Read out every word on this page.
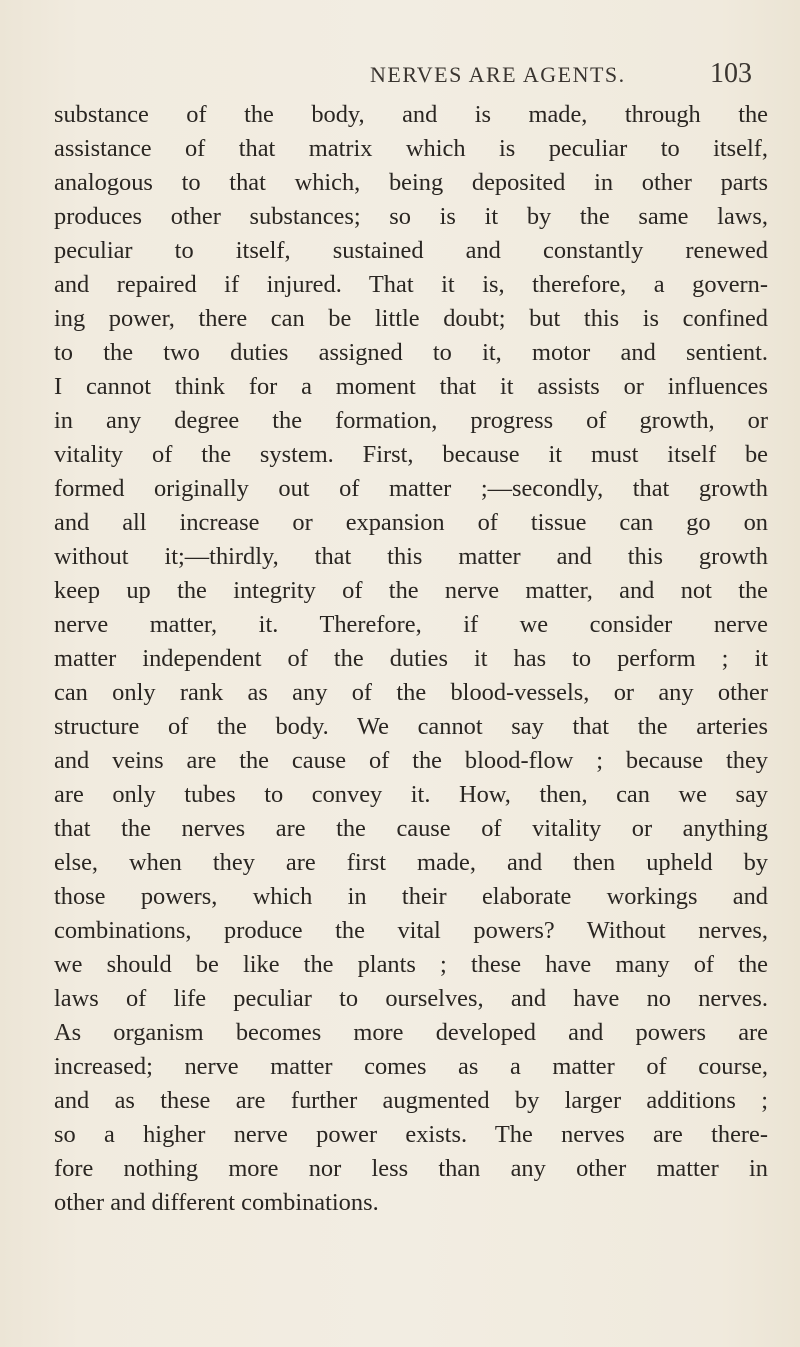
NERVES ARE AGENTS.	103
substance of the body, and is made, through the
assistance of that matrix which is peculiar to itself,
analogous to that which, being deposited in other parts
produces other substances; so is it by the same laws,
peculiar to itself, sustained and constantly renewed
and repaired if injured. That it is, therefore, a govern-
ing power, there can be little doubt; but this is confined
to the two duties assigned to it, motor and sentient.
I cannot think for a moment that it assists or influences
in any degree the formation, progress of growth, or
vitality of the system. First, because it must itself be
formed originally out of matter ;—secondly, that growth
and all increase or expansion of tissue can go on
without it;—thirdly, that this matter and this growth
keep up the integrity of the nerve matter, and not the
nerve matter, it. Therefore, if we consider nerve
matter independent of the duties it has to perform ; it
can only rank as any of the blood-vessels, or any other
structure of the body. We cannot say that the arteries
and veins are the cause of the blood-flow ; because they
are only tubes to convey it. How, then, can we say
that the nerves are the cause of vitality or anything
else, when they are first made, and then upheld by
those powers, which in their elaborate workings and
combinations, produce the vital powers? Without nerves,
we should be like the plants ; these have many of the
laws of life peculiar to ourselves, and have no nerves.
As organism becomes more developed and powers are
increased; nerve matter comes as a matter of course,
and as these are further augmented by larger additions ;
so a higher nerve power exists. The nerves are there-
fore nothing more nor less than any other matter in
other and different combinations.
